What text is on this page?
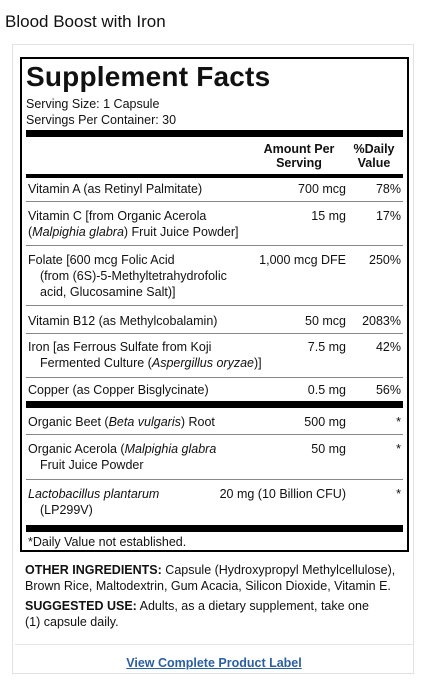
Blood Boost with Iron
Supplement Facts
Serving Size: 1 Capsule
Servings Per Container: 30
Amount Per
Serving
%Daily
Value
Vitamin A (as Retinyl Palmitate)	700 mcg	78%
Vitamin C [from Organic Acerola
(Malpighia glabra) Fruit Juice Powder]
15 mg	17%
Folate [600 mcg Folic Acid
(from (6S)-5-Methyltetrahydrofolic
acid, Glucosamine Salt)]
1,000 mcg DFE	250%
Vitamin B12 (as Methylcobalamin)	50 mcg	2083%
Iron [as Ferrous Sulfate from Koji
Fermented Culture (Aspergillus oryzae)]
7.5 mg	42%
Copper (as Copper Bisglycinate)	0.5 mg	56%
Organic Beet (Beta vulgaris) Root	500 mg	*
Organic Acerola (Malpighia glabra
Fruit Juice Powder
50 mg	*
Lactobacillus plantarum
(LP299V)
20 mg (10 Billion CFU)	*
*Daily Value not established.
OTHER INGREDIENTS: Capsule (Hydroxypropyl Methylcellulose),
Brown Rice, Maltodextrin, Gum Acacia, Silicon Dioxide, Vitamin E.
SUGGESTED USE: Adults, as a dietary supplement, take one
(1) capsule daily.
View Complete Product Label
